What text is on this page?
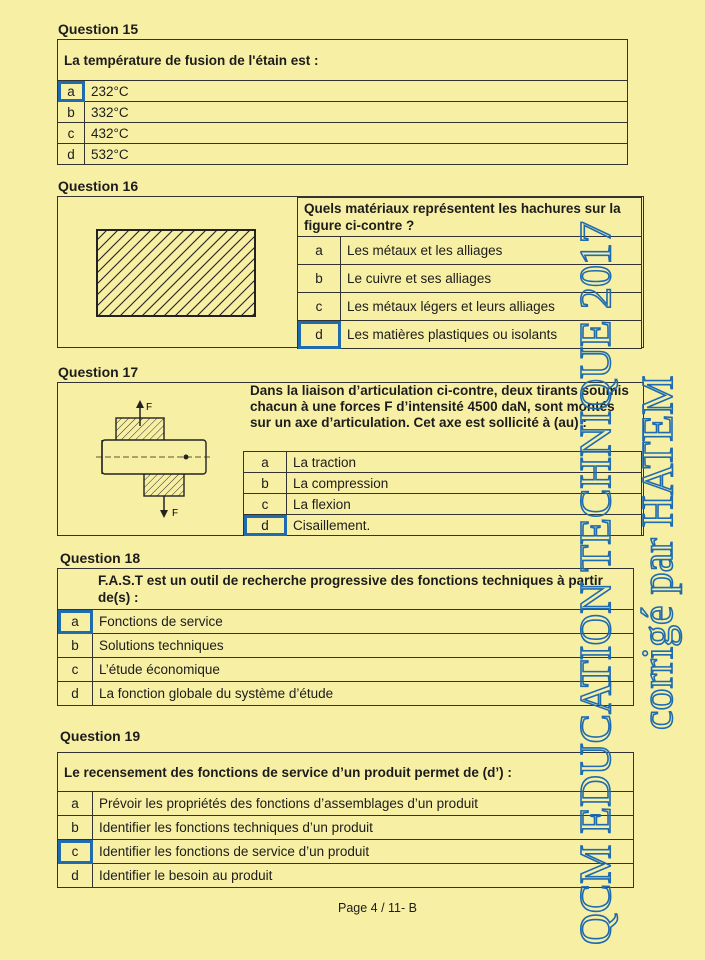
Question 15
La température de fusion de l'étain est :	
a	232°C
b	332°C
c	432°C
d	532°C
Question 16
Quels matériaux représentent les hachures sur la figure ci-contre ?	
a	Les métaux et les alliages
b	Le cuivre et ses alliages
c	Les métaux légers et leurs alliages
d	Les matières plastiques ou isolants
Question 17
F
F
Dans la liaison d’articulation ci-contre, deux tirants soumis chacun à une forces F d’intensité 4500 daN, sont montés sur un axe d’articulation. Cet axe est sollicité à (au) :
a	La traction
b	La compression
c	La flexion
d	Cisaillement.
Question 18
F.A.S.T est un outil de recherche progressive des fonctions techniques à partir de(s) :	
a	Fonctions de service
b	Solutions techniques
c	L’étude économique
d	La fonction globale du système d’étude
Question 19
Le recensement des fonctions de service d’un produit permet de (d’) :	
a	Prévoir les propriétés des fonctions d’assemblages d’un produit
b	Identifier les fonctions techniques d’un produit
c	Identifier les fonctions de service d’un produit
d	Identifier le besoin au produit
Page 4 / 11- B	QCM EDUCATION TECHNIQUE 2017 corrigé par HATEM
